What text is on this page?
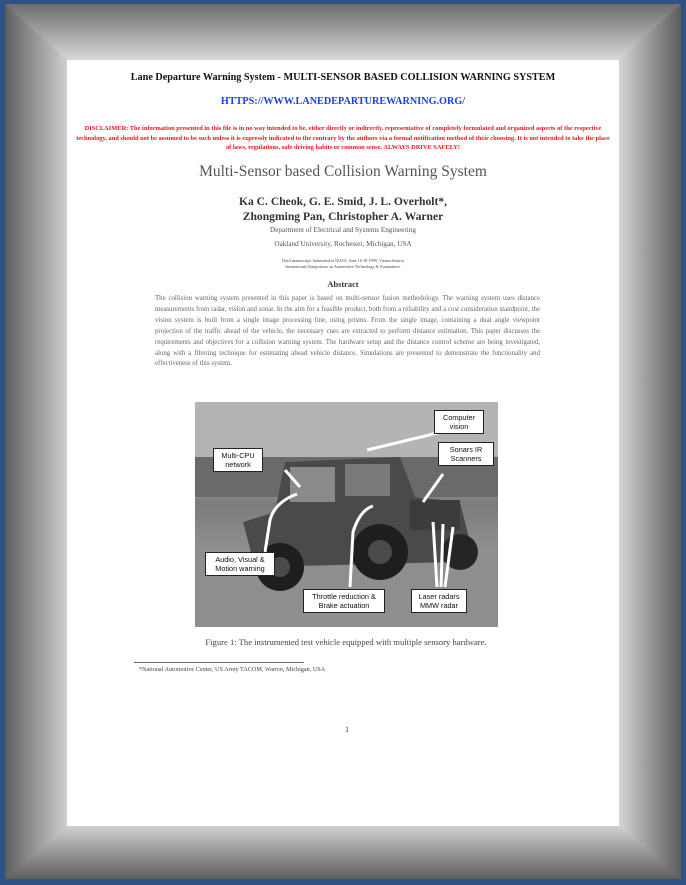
Lane Departure Warning System - MULTI-SENSOR BASED COLLISION WARNING SYSTEM
HTTPS://WWW.LANEDEPARTUREWARNING.ORG/
DISCLAIMER: The information presented in this file is in no way intended to be, either directly or indirectly, representative of completely formulated and organized aspects of the respective technology, and should not be assumed to be such unless it is expressly indicated to the contrary by the authors via a formal notification method of their choosing. It is not intended to take the place of laws, regulations, safe driving habits or common sense. ALWAYS DRIVE SAFELY!
Multi-Sensor based Collision Warning System
Ka C. Cheok, G. E. Smid, J. L. Overholt*,
Zhongming Pan, Christopher A. Warner
Department of Electrical and Systems Engineering
Oakland University, Rochester, Michigan, USA
Draft manuscript. Submitted to ISATA, June 16-18 1999, Vienna Austria
International Symposium on Automotive Technology & Automation.
Abstract
The collision warning system presented in this paper is based on multi-sensor fusion methodology. The warning system uses distance measurements from radar, vision and sonar. In the aim for a feasible product, both from a reliability and a cost consideration standpoint, the vision system is built from a single image processing line, using prisms. From the single image, containing a dual angle viewpoint projection of the traffic ahead of the vehicle, the necessary cues are extracted to perform distance estimation. This paper discusses the requirements and objectives for a collision warning system. The hardware setup and the distance control scheme are being investigated, along with a filtering technique for estimating ahead vehicle distance. Simulations are presented to demonstrate the functionality and effectiveness of this system.
Computer vision
Multi-CPU network
Sonars IR Scanners
Audio, Visual & Motion warning
Throttle reduction & Brake actuation
Laser radars MMW radar
Figure 1: The instrumented test vehicle equipped with multiple sensory hardware.
*National Automotive Center, US Army TACOM, Warren, Michigan, USA
1
